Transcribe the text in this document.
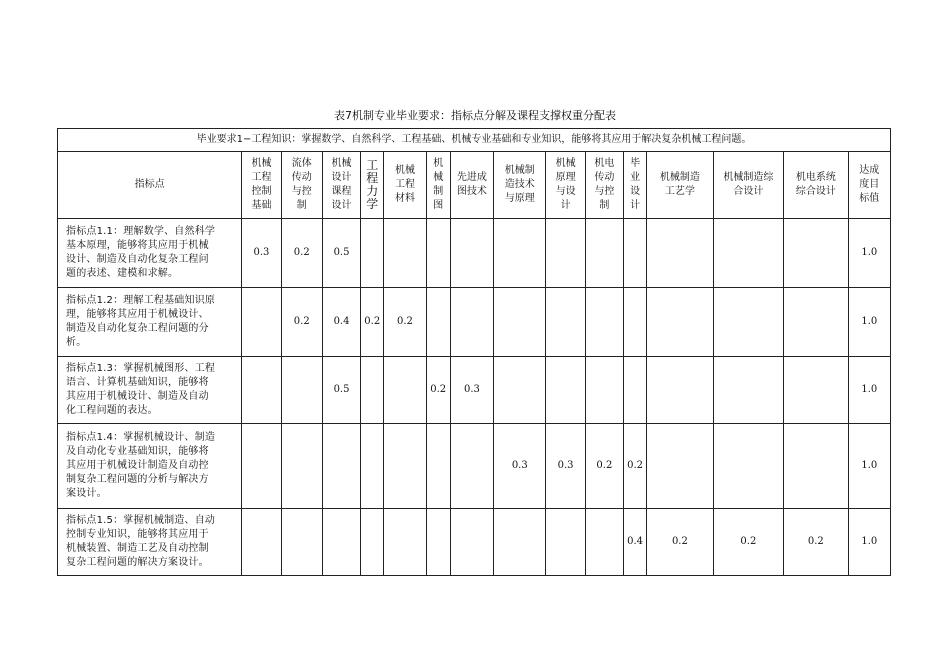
表7机制专业毕业要求：指标点分解及课程支撑权重分配表
毕业要求1−工程知识：掌握数学、自然科学、工程基础、机械专业基础和专业知识，能够将其应用于解决复杂机械工程问题。															
指标点	机械
工程
控制
基础	流体
传动
与控
制	机械
设计
课程
设计	工
程
力
学	机械
工程
材料	机
械
制
图	先进成
图技术	机械制
造技术
与原理	机械
原理
与设
计	机电
传动
与控
制	毕
业
设
计	机械制造
工艺学	机械制造综
合设计	机电系统
综合设计	达成
度目
标值

指标点1.1：理解数学、自然科学
基本原理，能够将其应用于机械
设计、制造及自动化复杂工程问
题的表述、建模和求解。	0.3	0.2	0.5												1.0

指标点1.2：理解工程基础知识原
理，能够将其应用于机械设计、
制造及自动化复杂工程问题的分
析。		0.2	0.4	0.2	0.2										1.0

指标点1.3：掌握机械图形、工程
语言、计算机基础知识，能够将
其应用于机械设计、制造及自动
化工程问题的表达。			0.5			0.2	0.3								1.0

指标点1.4：掌握机械设计、制造
及自动化专业基础知识，能够将
其应用于机械设计制造及自动控
制复杂工程问题的分析与解决方
案设计。								0.3	0.3	0.2	0.2				1.0

指标点1.5：掌握机械制造、自动
控制专业知识，能够将其应用于
机械装置、制造工艺及自动控制
复杂工程问题的解决方案设计。											0.4	0.2	0.2	0.2	1.0
